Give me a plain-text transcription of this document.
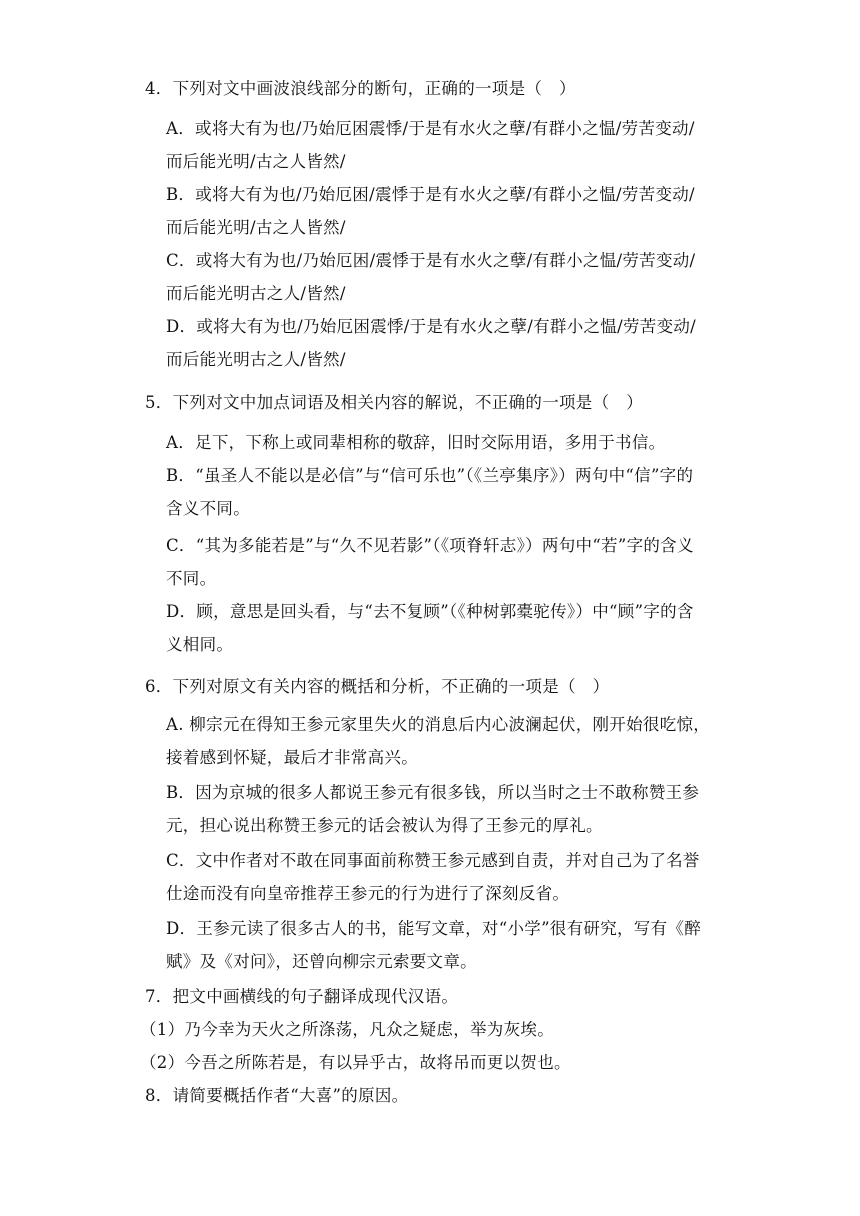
4．下列对文中画波浪线部分的断句，正确的一项是（　）
A．或将大有为也/乃始厄困震悸/于是有水火之孽/有群小之愠/劳苦变动/
而后能光明/古之人皆然/
B．或将大有为也/乃始厄困/震悸于是有水火之孽/有群小之愠/劳苦变动/
而后能光明/古之人皆然/
C．或将大有为也/乃始厄困/震悸于是有水火之孽/有群小之愠/劳苦变动/
而后能光明古之人/皆然/
D．或将大有为也/乃始厄困震悸/于是有水火之孽/有群小之愠/劳苦变动/
而后能光明古之人/皆然/
5．下列对文中加点词语及相关内容的解说，不正确的一项是（　）
A．足下，下称上或同辈相称的敬辞，旧时交际用语，多用于书信。
B．“虽圣人不能以是必信”与“信可乐也”（《兰亭集序》）两句中“信”字的
含义不同。
C．“其为多能若是”与“久不见若影”（《项脊轩志》）两句中“若”字的含义
不同。
D．顾，意思是回头看，与“去不复顾”（《种树郭橐驼传》）中“顾”字的含
义相同。
6．下列对原文有关内容的概括和分析，不正确的一项是（　）
A. 柳宗元在得知王参元家里失火的消息后内心波澜起伏，刚开始很吃惊，
接着感到怀疑，最后才非常高兴。
B．因为京城的很多人都说王参元有很多钱，所以当时之士不敢称赞王参
元，担心说出称赞王参元的话会被认为得了王参元的厚礼。
C．文中作者对不敢在同事面前称赞王参元感到自责，并对自己为了名誉
仕途而没有向皇帝推荐王参元的行为进行了深刻反省。
D．王参元读了很多古人的书，能写文章，对“小学”很有研究，写有《醉
赋》及《对问》，还曾向柳宗元索要文章。
7．把文中画横线的句子翻译成现代汉语。
（1）乃今幸为天火之所涤荡，凡众之疑虑，举为灰埃。
（2）今吾之所陈若是，有以异乎古，故将吊而更以贺也。
8．请简要概括作者“大喜”的原因。
